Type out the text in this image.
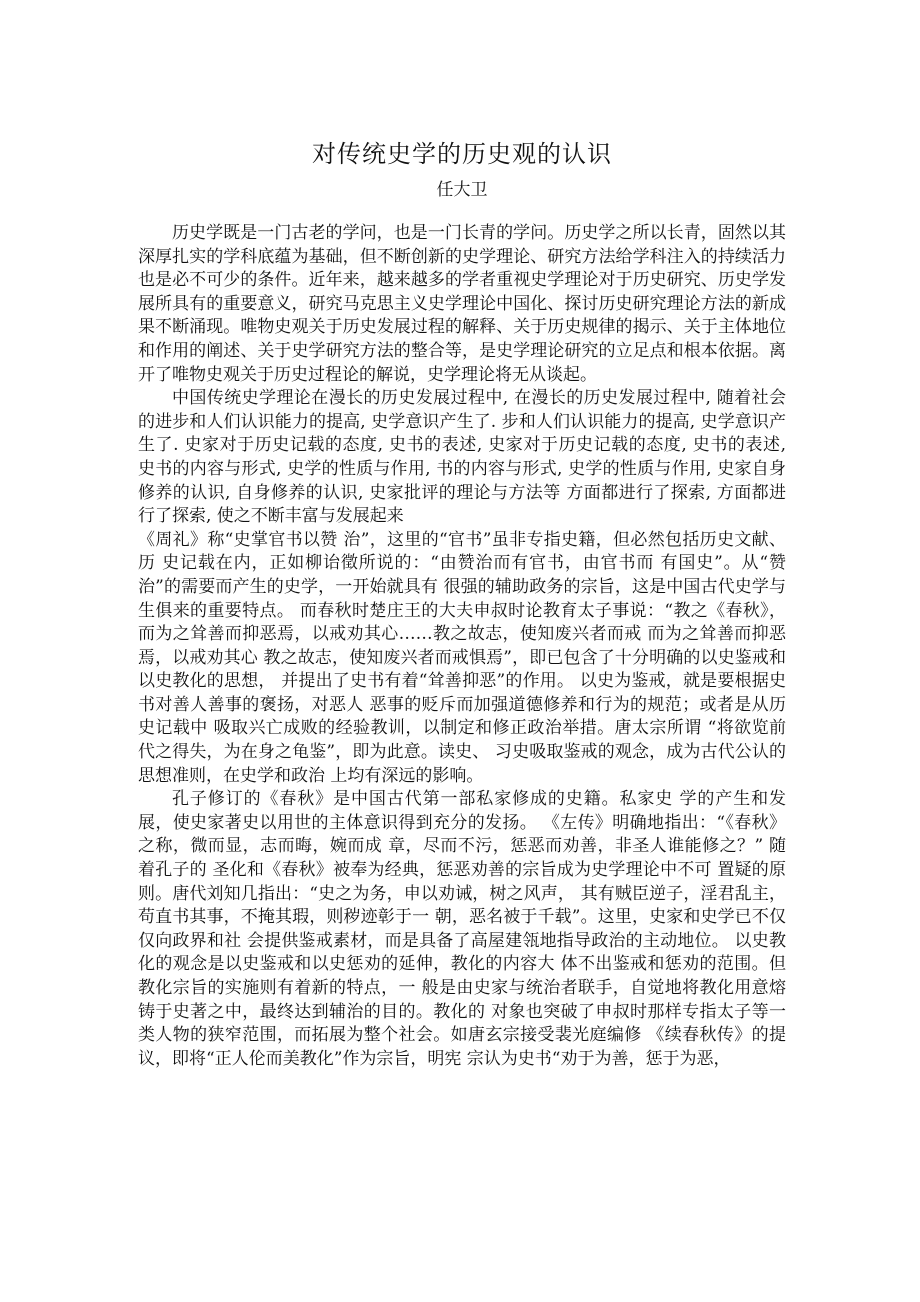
对传统史学的历史观的认识
任大卫

历史学既是一门古老的学问，也是一门长青的学问。历史学之所以长青，固然以其深厚扎实的学科底蕴为基础，但不断创新的史学理论、研究方法给学科注入的持续活力也是必不可少的条件。近年来，越来越多的学者重视史学理论对于历史研究、历史学发展所具有的重要意义，研究马克思主义史学理论中国化、探讨历史研究理论方法的新成果不断涌现。唯物史观关于历史发展过程的解释、关于历史规律的揭示、关于主体地位和作用的阐述、关于史学研究方法的整合等，是史学理论研究的立足点和根本依据。离开了唯物史观关于历史过程论的解说，史学理论将无从谈起。

中国传统史学理论在漫长的历史发展过程中, 在漫长的历史发展过程中, 随着社会的进步和人们认识能力的提高, 史学意识产生了. 步和人们认识能力的提高, 史学意识产生了. 史家对于历史记载的态度, 史书的表述, 史家对于历史记载的态度, 史书的表述, 史书的内容与形式, 史学的性质与作用, 书的内容与形式, 史学的性质与作用, 史家自身修养的认识, 自身修养的认识, 史家批评的理论与方法等 方面都进行了探索, 方面都进行了探索, 使之不断丰富与发展起来

《周礼》称“史掌官书以赞 治”，这里的“官书”虽非专指史籍，但必然包括历史文献、历 史记载在内，正如柳诒徵所说的：“由赞治而有官书，由官书而 有国史”。从“赞治”的需要而产生的史学，一开始就具有 很强的辅助政务的宗旨，这是中国古代史学与生俱来的重要特点。 而春秋时楚庄王的大夫申叔时论教育太子事说：“教之《春秋》， 而为之耸善而抑恶焉，以戒劝其心……教之故志，使知废兴者而戒 而为之耸善而抑恶焉，以戒劝其心 教之故志，使知废兴者而戒惧焉”，即已包含了十分明确的以史鉴戒和以史教化的思想， 并提出了史书有着“耸善抑恶”的作用。 以史为鉴戒，就是要根据史书对善人善事的褒扬，对恶人 恶事的贬斥而加强道德修养和行为的规范；或者是从历史记载中 吸取兴亡成败的经验教训，以制定和修正政治举措。唐太宗所谓 “将欲览前代之得失，为在身之龟鉴”，即为此意。读史、 习史吸取鉴戒的观念，成为古代公认的思想准则，在史学和政治 上均有深远的影响。

孔子修订的《春秋》是中国古代第一部私家修成的史籍。私家史 学的产生和发展，使史家著史以用世的主体意识得到充分的发扬。 《左传》明确地指出：“《春秋》之称，微而显，志而晦，婉而成 章，尽而不污，惩恶而劝善，非圣人谁能修之？” 随着孔子的 圣化和《春秋》被奉为经典，惩恶劝善的宗旨成为史学理论中不可 置疑的原则。唐代刘知几指出：“史之为务，申以劝诫，树之风声， 其有贼臣逆子，淫君乱主，苟直书其事，不掩其瑕，则秽迹彰于一 朝，恶名被于千载”。这里，史家和史学已不仅仅向政界和社 会提供鉴戒素材，而是具备了高屋建瓴地指导政治的主动地位。 以史教化的观念是以史鉴戒和以史惩劝的延伸，教化的内容大 体不出鉴戒和惩劝的范围。但教化宗旨的实施则有着新的特点，一 般是由史家与统治者联手，自觉地将教化用意熔铸于史著之中，最终达到辅治的目的。教化的 对象也突破了申叔时那样专指太子等一 类人物的狭窄范围，而拓展为整个社会。如唐玄宗接受裴光庭编修 《续春秋传》的提议，即将“正人伦而美教化”作为宗旨，明宪 宗认为史书“劝于为善，惩于为恶，
